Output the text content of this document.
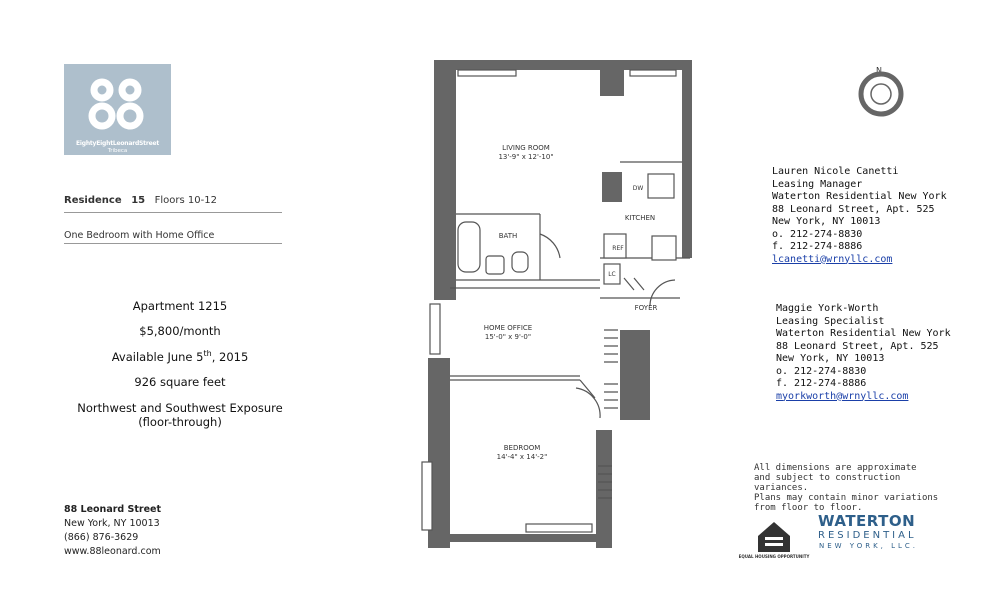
EightyEightLeonardStreet
Tribeca
Residence 15 Floors 10-12
One Bedroom with Home Office
Apartment 1215
$5,800/month
Available June 5th, 2015
926 square feet
Northwest and Southwest Exposure
(floor-through)
88 Leonard Street
New York, NY 10013
(866) 876-3629
www.88leonard.com
LIVING ROOM
13'-9" x 12'-10"
KITCHEN
BATH
DW
REF
LC
FOYER
HOME OFFICE
15'-0" x 9'-0"
BEDROOM
14'-4" x 14'-2"
N
Lauren Nicole Canetti
Leasing Manager
Waterton Residential New York
88 Leonard Street, Apt. 525
New York, NY 10013
o. 212-274-8830
f. 212-274-8886
lcanetti@wrnyllc.com
Maggie York-Worth
Leasing Specialist
Waterton Residential New York
88 Leonard Street, Apt. 525
New York, NY 10013
o. 212-274-8830
f. 212-274-8886
myorkworth@wrnyllc.com
All dimensions are approximate
and subject to construction variances.
Plans may contain minor variations
from floor to floor.
EQUAL HOUSING OPPORTUNITY
WATERTON
RESIDENTIAL
NEW YORK, LLC.
